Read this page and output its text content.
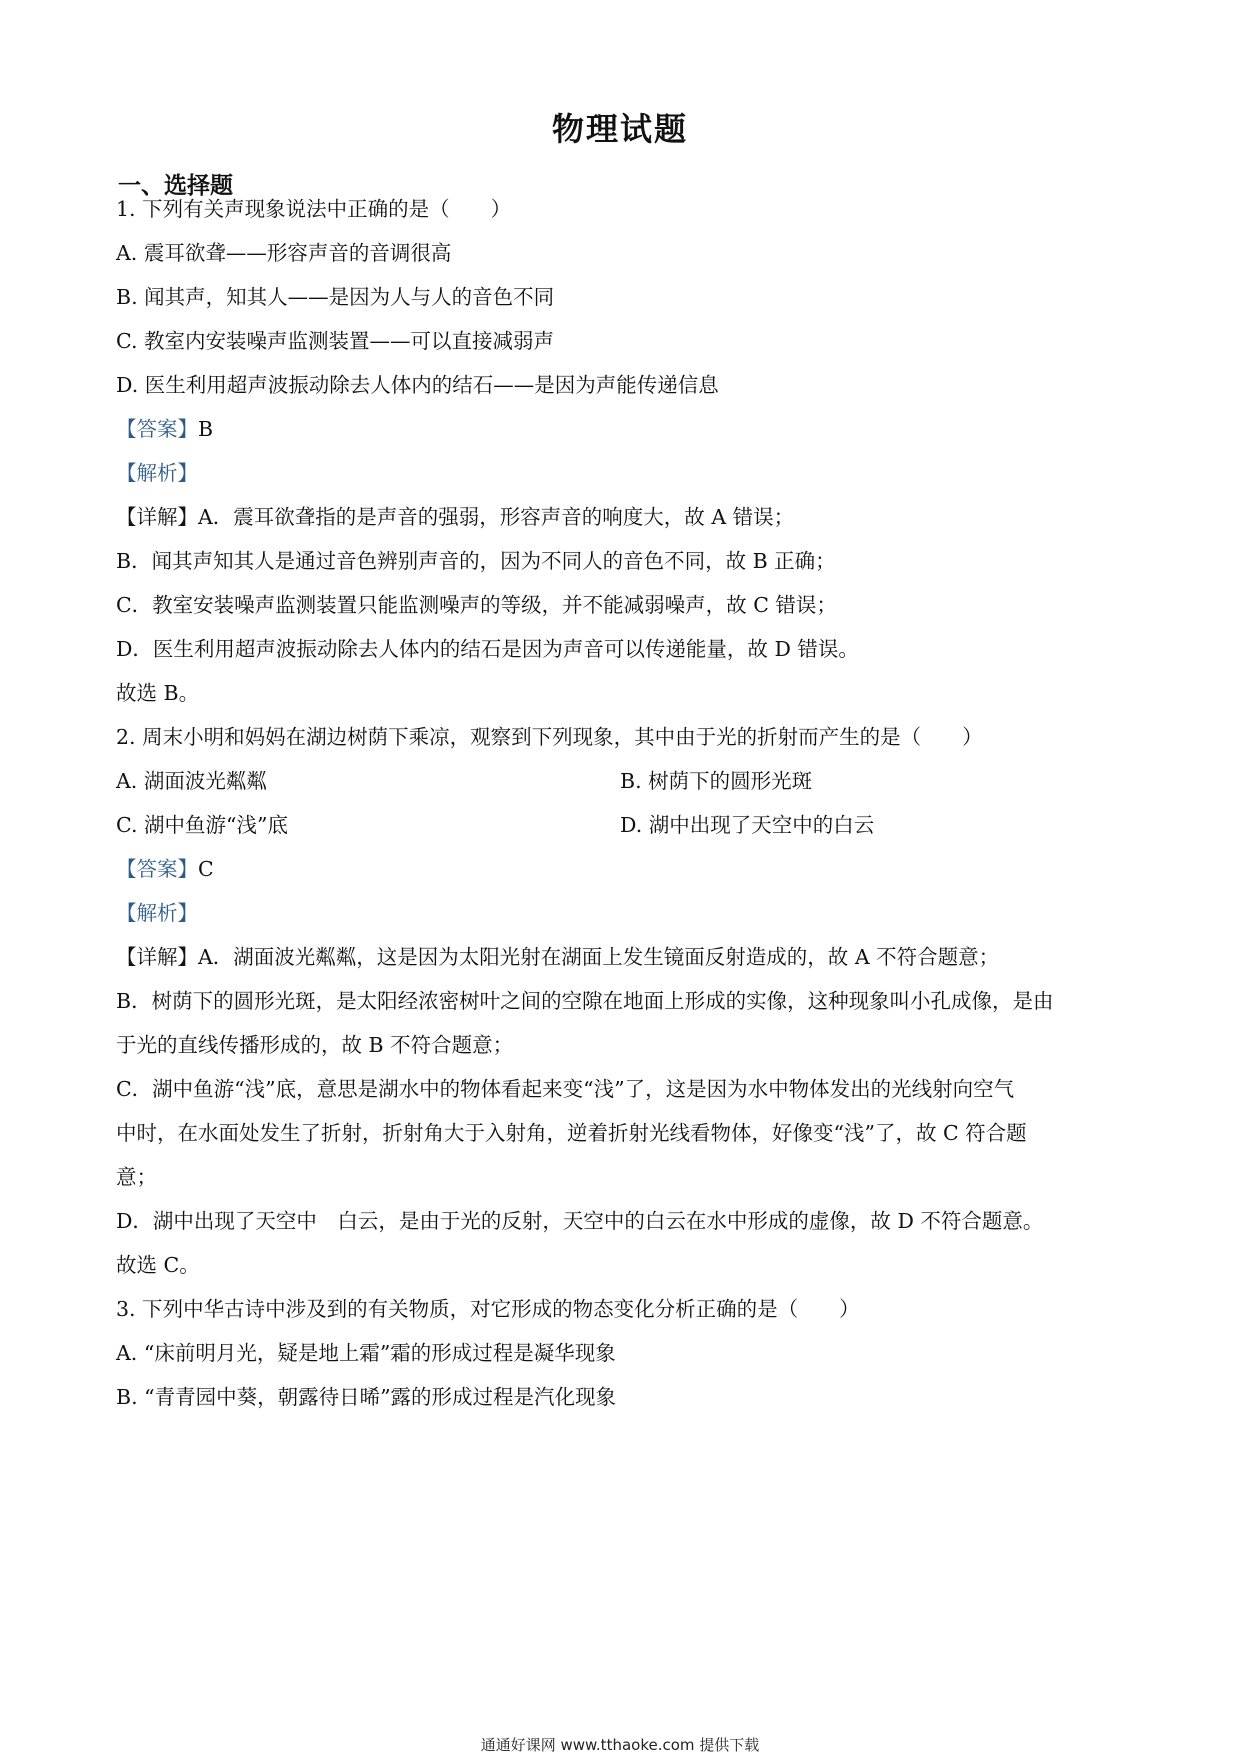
物理试题
一、选择题
1. 下列有关声现象说法中正确的是（　　）
A. 震耳欲聋——形容声音的音调很高
B. 闻其声，知其人——是因为人与人的音色不同
C. 教室内安装噪声监测装置——可以直接减弱声
D. 医生利用超声波振动除去人体内的结石——是因为声能传递信息
【答案】B
【解析】
【详解】A．震耳欲聋指的是声音的强弱，形容声音的响度大，故 A 错误；
B．闻其声知其人是通过音色辨别声音的，因为不同人的音色不同，故 B 正确；
C．教室安装噪声监测装置只能监测噪声的等级，并不能减弱噪声，故 C 错误；
D．医生利用超声波振动除去人体内的结石是因为声音可以传递能量，故 D 错误。
故选 B。
2. 周末小明和妈妈在湖边树荫下乘凉，观察到下列现象，其中由于光的折射而产生的是（　　）
A. 湖面波光粼粼	B. 树荫下的圆形光斑
C. 湖中鱼游“浅”底	D. 湖中出现了天空中的白云
【答案】C
【解析】
【详解】A．湖面波光粼粼，这是因为太阳光射在湖面上发生镜面反射造成的，故 A 不符合题意；
B．树荫下的圆形光斑，是太阳经浓密树叶之间的空隙在地面上形成的实像，这种现象叫小孔成像，是由
于光的直线传播形成的，故 B 不符合题意；
C．湖中鱼游“浅”底，意思是湖水中的物体看起来变“浅”了，这是因为水中物体发出的光线射向空气
中时，在水面处发生了折射，折射角大于入射角，逆着折射光线看物体，好像变“浅”了，故 C 符合题
意；
D．湖中出现了天空中　白云，是由于光的反射，天空中的白云在水中形成的虚像，故 D 不符合题意。
故选 C。
3. 下列中华古诗中涉及到的有关物质，对它形成的物态变化分析正确的是（　　）
A. “床前明月光，疑是地上霜”霜的形成过程是凝华现象
B. “青青园中葵，朝露待日晞”露的形成过程是汽化现象
通通好课网 www.tthaoke.com 提供下载
